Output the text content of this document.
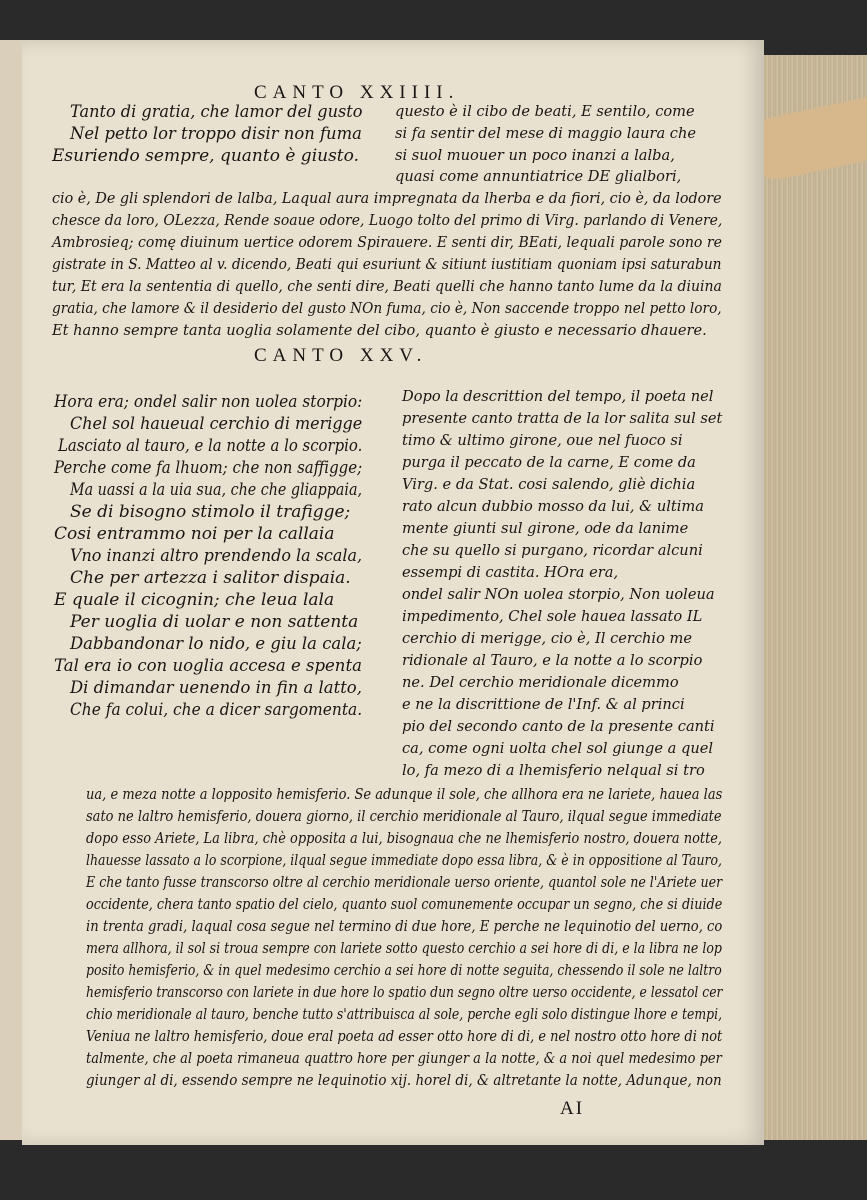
CANTO XXIIII.

Tanto di gratia, che lamor del gusto

Nel petto lor troppo disir non fuma

Esuriendo sempre, quanto è giusto.

questo è il cibo de beati, E sentilo, come

si fa sentir del mese di maggio laura che

si suol muouer un poco inanzi a lalba,

quasi come annuntiatrice DE glialbori,

cio è, De gli splendori de lalba, Laqual aura impregnata da lherba e da fiori, cio è, da lodore

chesce da loro, OLezza, Rende soaue odore, Luogo tolto del primo di Virg. parlando di Venere,

Ambrosieq; comę diuinum uertice odorem Spirauere. E senti dir, BEati, lequali parole sono re

gistrate in S. Matteo al v. dicendo, Beati qui esuriunt & sitiunt iustitiam quoniam ipsi saturabun

tur, Et era la sententia di quello, che senti dire, Beati quelli che hanno tanto lume da la diuina

gratia, che lamore & il desiderio del gusto NOn fuma, cio è, Non saccende troppo nel petto loro,

Et hanno sempre tanta uoglia solamente del cibo, quanto è giusto e necessario dhauere.

CANTO XXV.

Hora era; ondel salir non uolea storpio:

Chel sol haueual cerchio di merigge

Lasciato al tauro, e la notte a lo scorpio.

Perche come fa lhuom; che non saffigge;

Ma uassi a la uia sua, che che gliappaia,

Se di bisogno stimolo il trafigge;

Cosi entrammo noi per la callaia

Vno inanzi altro prendendo la scala,

Che per artezza i salitor dispaia.

E quale il cicognin; che leua lala

Per uoglia di uolar e non sattenta

Dabbandonar lo nido, e giu la cala;

Tal era io con uoglia accesa e spenta

Di dimandar uenendo in fin a latto,

Che fa colui, che a dicer sargomenta.

Dopo la descrittion del tempo, il poeta nel

presente canto tratta de la lor salita sul set

timo & ultimo girone, oue nel fuoco si

purga il peccato de la carne, E come da

Virg. e da Stat. cosi salendo, gliè dichia

rato alcun dubbio mosso da lui, & ultima

mente giunti sul girone, ode da lanime

che su quello si purgano, ricordar alcuni

essempi di castita. HOra era,

ondel salir NOn uolea storpio, Non uoleua

impedimento, Chel sole hauea lassato IL

cerchio di merigge, cio è, Il cerchio me

ridionale al Tauro, e la notte a lo scorpio

ne. Del cerchio meridionale dicemmo

e ne la discrittione de l'Inf. & al princi

pio del secondo canto de la presente canti

ca, come ogni uolta chel sol giunge a quel

lo, fa mezo di a lhemisferio nelqual si tro

ua, e meza notte a lopposito hemisferio. Se adunque il sole, che allhora era ne lariete, hauea las

sato ne laltro hemisferio, douera giorno, il cerchio meridionale al Tauro, ilqual segue immediate

dopo esso Ariete, La libra, chè opposita a lui, bisognaua che ne lhemisferio nostro, douera notte,

lhauesse lassato a lo scorpione, ilqual segue immediate dopo essa libra, & è in oppositione al Tauro,

E che tanto fusse transcorso oltre al cerchio meridionale uerso oriente, quantol sole ne l'Ariete uer

occidente, chera tanto spatio del cielo, quanto suol comunemente occupar un segno, che si diuide

in trenta gradi, laqual cosa segue nel termino di due hore, E perche ne lequinotio del uerno, co

mera allhora, il sol si troua sempre con lariete sotto questo cerchio a sei hore di di, e la libra ne lop

posito hemisferio, & in quel medesimo cerchio a sei hore di notte seguita, chessendo il sole ne laltro

hemisferio transcorso con lariete in due hore lo spatio dun segno oltre uerso occidente, e lessatol cer

chio meridionale al tauro, benche tutto s'attribuisca al sole, perche egli solo distingue lhore e tempi,

Veniua ne laltro hemisferio, doue eral poeta ad esser otto hore di di, e nel nostro otto hore di not

talmente, che al poeta rimaneua quattro hore per giunger a la notte, & a noi quel medesimo per

giunger al di, essendo sempre ne lequinotio xij. horel di, & altretante la notte, Adunque, non

AI
